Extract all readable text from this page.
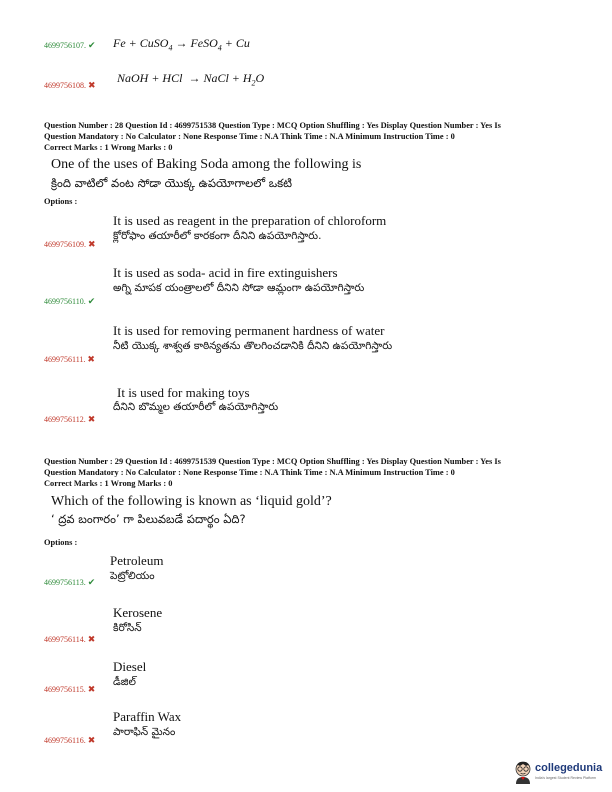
Fe + CuSO$_4$ → FeSO$_4$ + Cu
4699756107. ✔
NaOH + HCl  → NaCl + $H_2O$
4699756108. ✖
Question Number : 28 Question Id : 4699751538 Question Type : MCQ Option Shuffling : Yes Display Question Number : Yes Is
Question Mandatory : No Calculator : None Response Time : N.A Think Time : N.A Minimum Instruction Time : 0
Correct Marks : 1 Wrong Marks : 0
One of the uses of Baking Soda among the following is
క్రింది వాటిలో వంట సోడా యొక్క ఉపయోగాలలో ఒకటి
Options :
It is used as reagent in the preparation of chloroform
క్లోరోఫాం తయారీలో కారకంగా దీనిని ఉపయోగిస్తారు.
4699756109. ✖
It is used as soda- acid in fire extinguishers
అగ్ని మాపక యంత్రాలలో దీనిని సోడా ఆమ్లంగా ఉపయోగిస్తారు
4699756110. ✔
It is used for removing permanent hardness of water
నీటి యొక్క శాశ్వత కాఠిన్యతను తొలగించడానికి దీనిని ఉపయోగిస్తారు
4699756111. ✖
It is used for making toys
దీనిని బొమ్మల తయారీలో ఉపయోగిస్తారు
4699756112. ✖
Question Number : 29 Question Id : 4699751539 Question Type : MCQ Option Shuffling : Yes Display Question Number : Yes Is
Question Mandatory : No Calculator : None Response Time : N.A Think Time : N.A Minimum Instruction Time : 0
Correct Marks : 1 Wrong Marks : 0
Which of the following is known as ‘liquid gold’?
‘ ద్రవ బంగారం’ గా పిలువబడే పదార్థం ఏది?
Options :
Petroleum
పెట్రోలియం
4699756113. ✔
Kerosene
కిరోసిన్
4699756114. ✖
Diesel
డీజిల్
4699756115. ✖
Paraffin Wax
పారాఫిన్ మైనం
4699756116. ✖
collegedunia
India's largest Student Review Platform
